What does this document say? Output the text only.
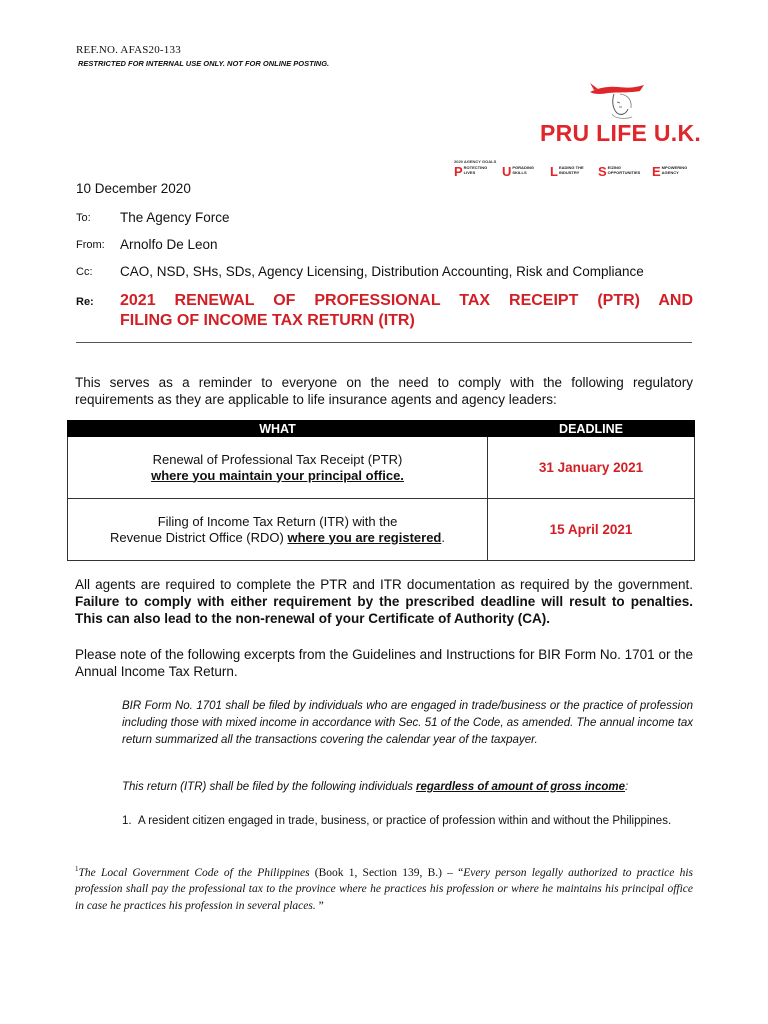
REF.NO. AFAS20-133
RESTRICTED FOR INTERNAL USE ONLY. NOT FOR ONLINE POSTING.
PRU LIFE U.K.
2020 AGENCY GOALS
P ROTECTING LIVES	U PGRADING SKILLS	L EADING THE INDUSTRY	S EIZING OPPORTUNITIES E MPOWERING AGENCY
10 December 2020
To: The Agency Force
From: Arnolfo De Leon
Cc: CAO, NSD, SHs, SDs, Agency Licensing, Distribution Accounting, Risk and Compliance
Re: 2021 RENEWAL OF PROFESSIONAL TAX RECEIPT (PTR) AND
FILING OF INCOME TAX RETURN (ITR)

This serves as a reminder to everyone on the need to comply with the following regulatory requirements as they are applicable to life insurance agents and agency leaders:

WHAT	DEADLINE
Renewal of Professional Tax Receipt (PTR)
where you maintain your principal office.	31 January 2021
Filing of Income Tax Return (ITR) with the
Revenue District Office (RDO) where you are registered.	15 April 2021

All agents are required to complete the PTR and ITR documentation as required by the government. Failure to comply with either requirement by the prescribed deadline will result to penalties. This can also lead to the non-renewal of your Certificate of Authority (CA).

Please note of the following excerpts from the Guidelines and Instructions for BIR Form No. 1701 or the Annual Income Tax Return.

BIR Form No. 1701 shall be filed by individuals who are engaged in trade/business or the practice of profession including those with mixed income in accordance with Sec. 51 of the Code, as amended. The annual income tax return summarized all the transactions covering the calendar year of the taxpayer.

This return (ITR) shall be filed by the following individuals regardless of amount of gross income:

1. A resident citizen engaged in trade, business, or practice of profession within and without the Philippines.

$^1$The Local Government Code of the Philippines (Book 1, Section 139, B.) – “Every person legally authorized to practice his profession shall pay the professional tax to the province where he practices his profession or where he maintains his principal office in case he practices his profession in several places. ”
